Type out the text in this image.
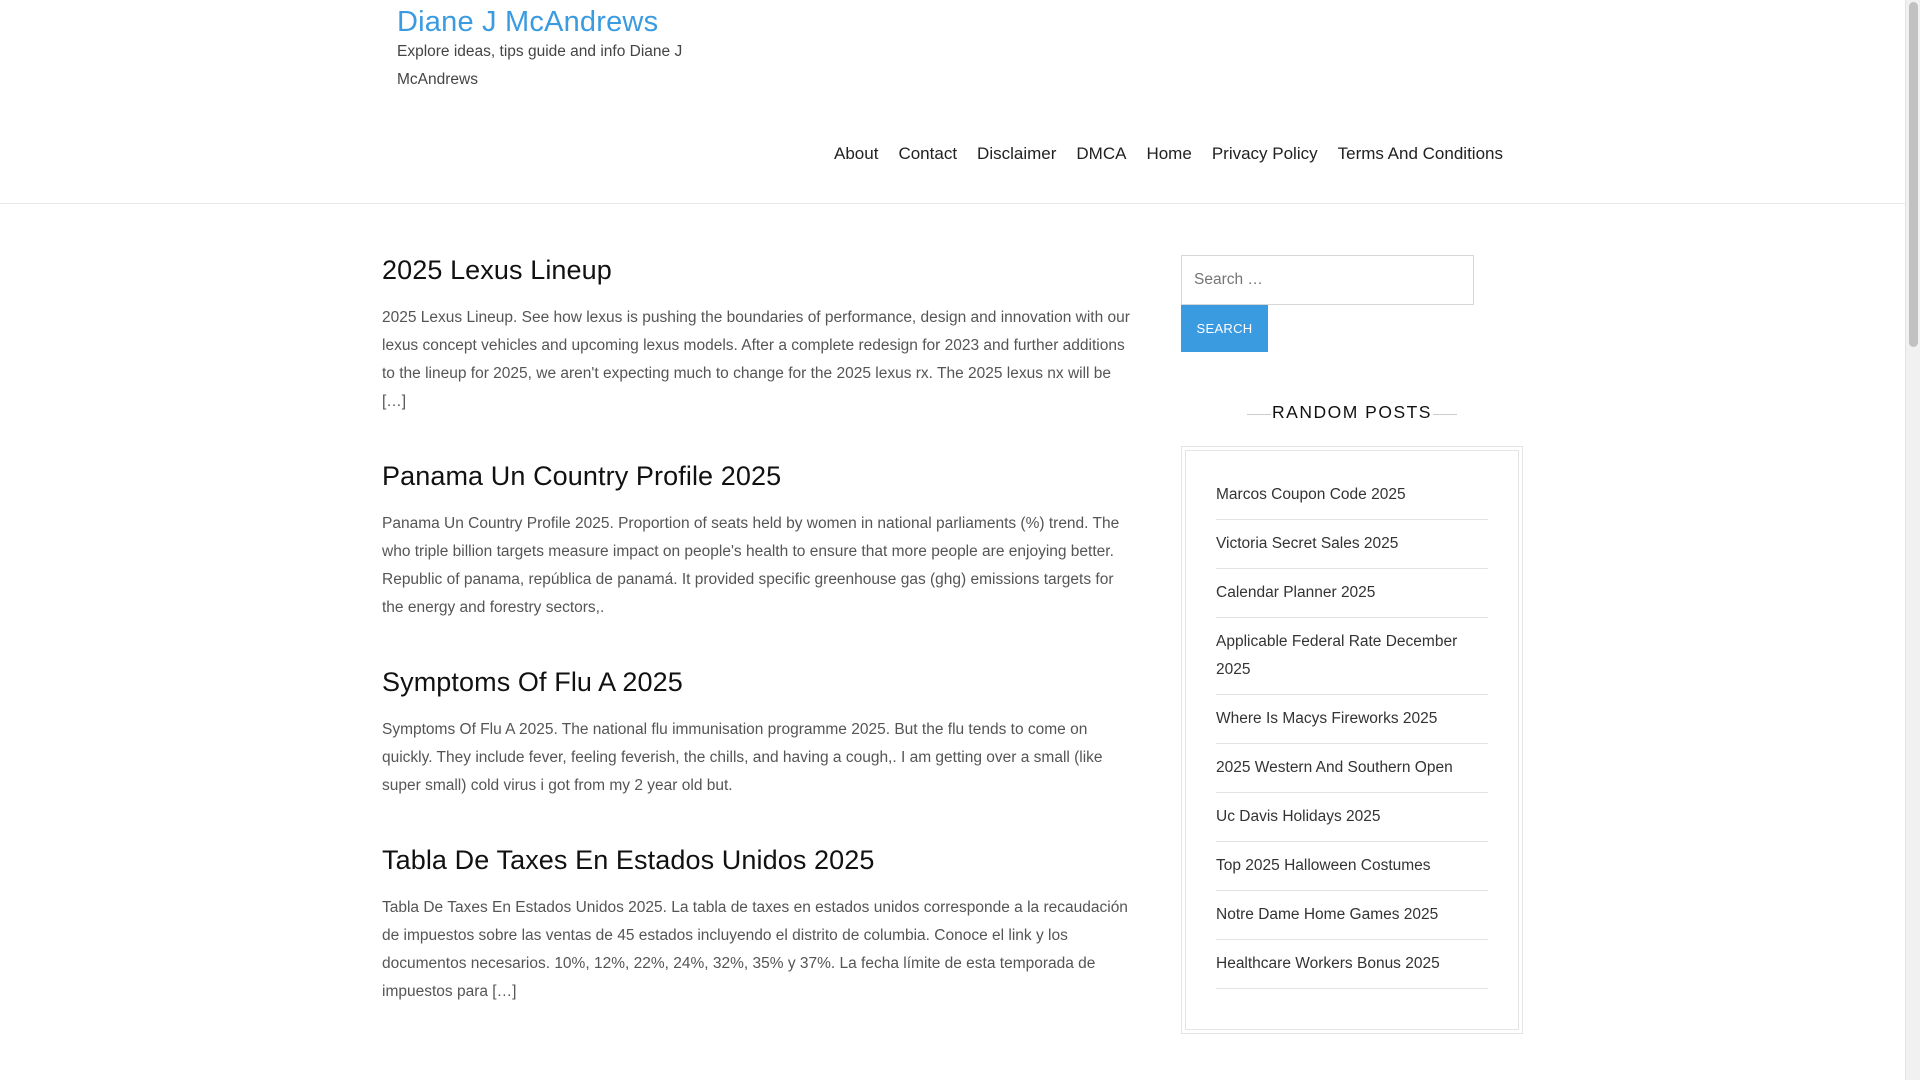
Diane J McAndrews

Explore ideas, tips guide and info Diane J McAndrews

About	Contact	Disclaimer	DMCA	Home	Privacy Policy	Terms And Conditions
2025 Lexus Lineup

2025 Lexus Lineup. See how lexus is pushing the boundaries of performance, design and innovation with our lexus concept vehicles and upcoming lexus models. After a complete redesign for 2023 and further additions to the lineup for 2025, we aren't expecting much to change for the 2025 lexus rx. The 2025 lexus nx will be […]

Panama Un Country Profile 2025

Panama Un Country Profile 2025. Proportion of seats held by women in national parliaments (%) trend. The who triple billion targets measure impact on people's health to ensure that more people are enjoying better. Republic of panama, república de panamá. It provided specific greenhouse gas (ghg) emissions targets for the energy and forestry sectors,.

Symptoms Of Flu A 2025

Symptoms Of Flu A 2025. The national flu immunisation programme 2025. But the flu tends to come on quickly. They include fever, feeling feverish, the chills, and having a cough,. I am getting over a small (like super small) cold virus i got from my 2 year old but.

Tabla De Taxes En Estados Unidos 2025

Tabla De Taxes En Estados Unidos 2025. La tabla de taxes en estados unidos corresponde a la recaudación de impuestos sobre las ventas de 45 estados incluyendo el distrito de columbia. Conoce el link y los documentos necesarios. 10%, 12%, 22%, 24%, 32%, 35% y 37%. La fecha límite de esta temporada de impuestos para […]

Search …
SEARCH
RANDOM POSTS
Marcos Coupon Code 2025
Victoria Secret Sales 2025
Calendar Planner 2025
Applicable Federal Rate December 2025
Where Is Macys Fireworks 2025
2025 Western And Southern Open
Uc Davis Holidays 2025
Top 2025 Halloween Costumes
Notre Dame Home Games 2025
Healthcare Workers Bonus 2025
